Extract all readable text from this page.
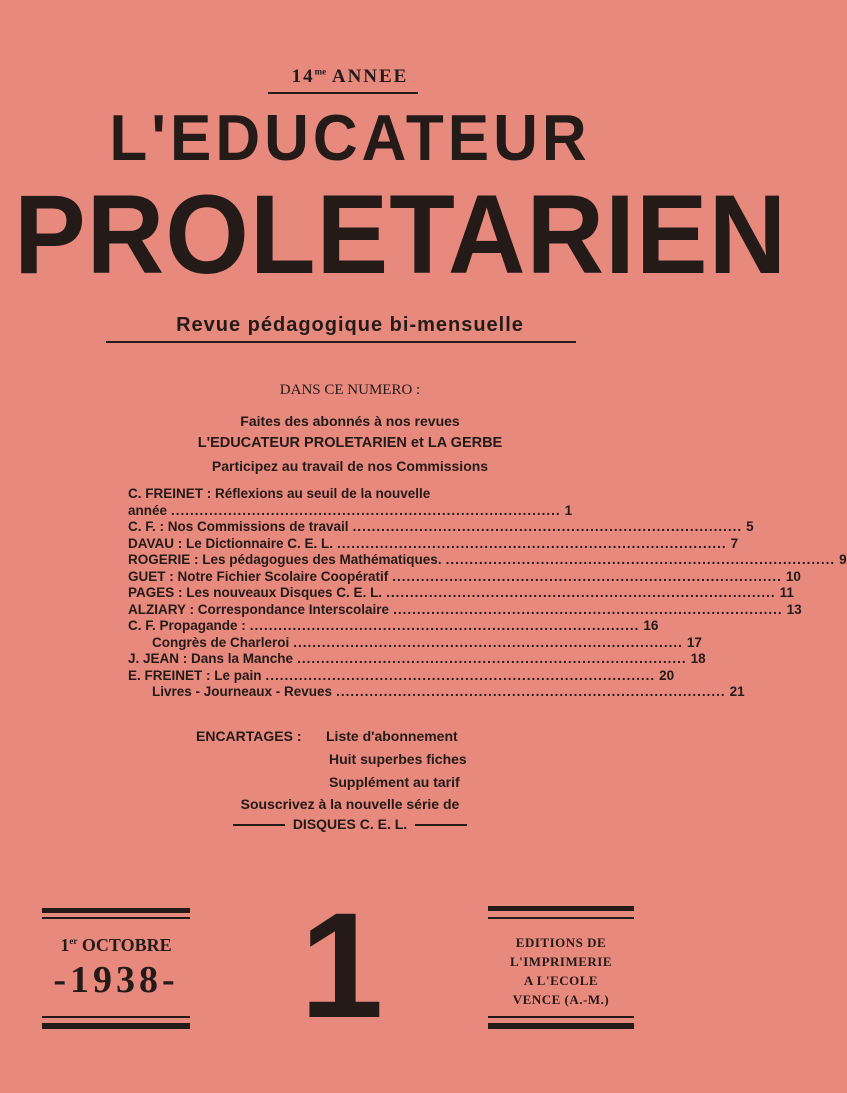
$14^{me}$ ANNEE
L'EDUCATEUR
PROLETARIEN
Revue pédagogique bi-mensuelle
DANS CE NUMERO :
Faites des abonnés à nos revues
L'EDUCATEUR PROLETARIEN et LA GERBE
Participez au travail de nos Commissions
C. FREINET : Réflexions au seuil de la nouvelle
année .................................................................................. 1
C. F. : Nos Commissions de travail .................................................................................. 5
DAVAU : Le Dictionnaire C. E. L. .................................................................................. 7
ROGERIE : Les pédagogues des Mathématiques. .................................................................................. 9
GUET : Notre Fichier Scolaire Coopératif .................................................................................. 10
PAGES : Les nouveaux Disques C. E. L. .................................................................................. 11
ALZIARY : Correspondance Interscolaire .................................................................................. 13
C. F. Propagande : .................................................................................. 16
Congrès de Charleroi .................................................................................. 17
J. JEAN : Dans la Manche .................................................................................. 18
E. FREINET : Le pain .................................................................................. 20
Livres - Journeaux - Revues .................................................................................. 21
ENCARTAGES : Liste d'abonnement
Huit superbes fiches
Supplément au tarif
Souscrivez à la nouvelle série de
DISQUES C. E. L.
1er OCTOBRE
-1938- 1	EDITIONS DE
L'IMPRIMERIE
A L'ECOLE
VENCE (A.-M.)
